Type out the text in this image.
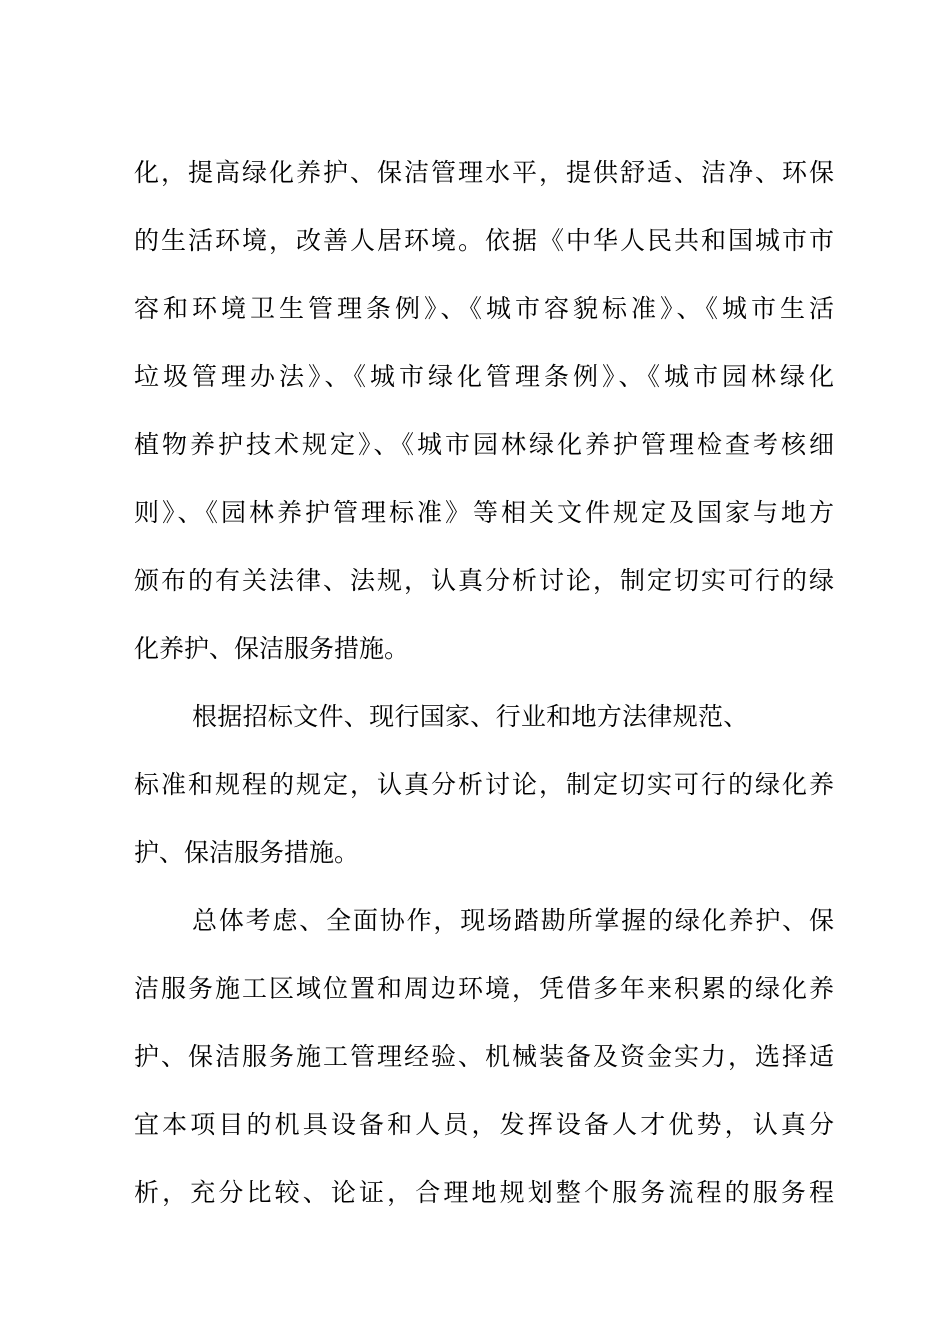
化，提高绿化养护、保洁管理水平，提供舒适、洁净、环保
的生活环境，改善人居环境。依据《中华人民共和国城市市
容和环境卫生管理条例》、《城市容貌标准》、《城市生活
垃圾管理办法》、《城市绿化管理条例》、《城市园林绿化
植物养护技术规定》、《城市园林绿化养护管理检查考核细
则》、《园林养护管理标准》等相关文件规定及国家与地方
颁布的有关法律、法规，认真分析讨论，制定切实可行的绿
化养护、保洁服务措施。
根据招标文件、现行国家、行业和地方法律规范、
标准和规程的规定，认真分析讨论，制定切实可行的绿化养
护、保洁服务措施。
总体考虑、全面协作，现场踏勘所掌握的绿化养护、保
洁服务施工区域位置和周边环境，凭借多年来积累的绿化养
护、保洁服务施工管理经验、机械装备及资金实力，选择适
宜本项目的机具设备和人员，发挥设备人才优势，认真分
析，充分比较、论证，合理地规划整个服务流程的服务程
